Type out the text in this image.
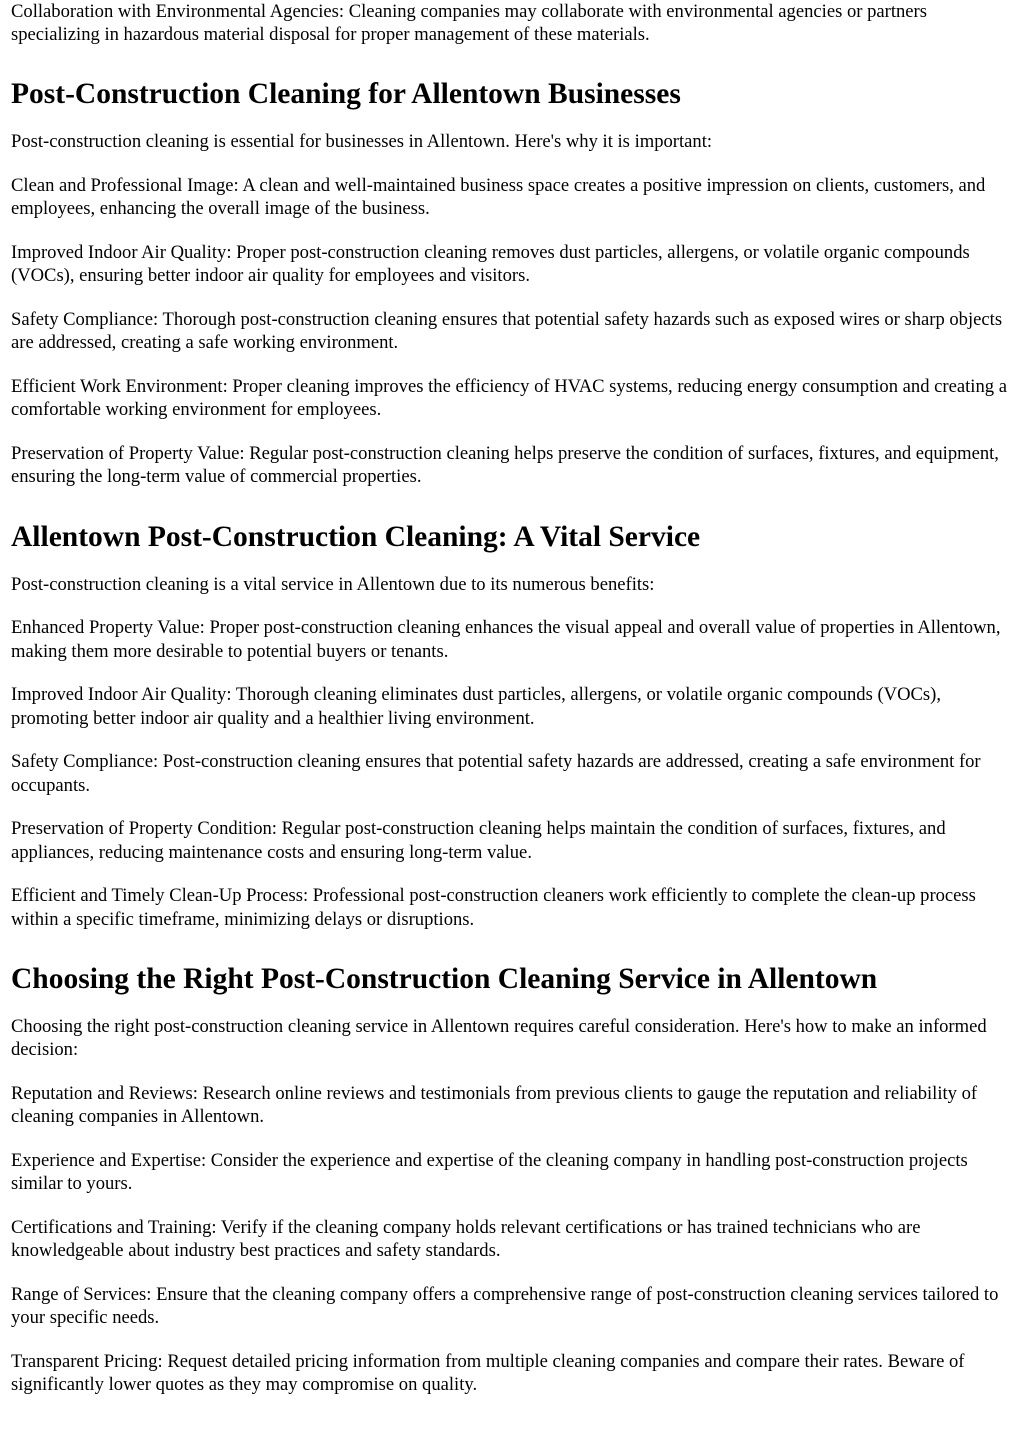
Collaboration with Environmental Agencies: Cleaning companies may collaborate with environmental agencies or partners specializing in hazardous material disposal for proper management of these materials.

Post-Construction Cleaning for Allentown Businesses

Post-construction cleaning is essential for businesses in Allentown. Here's why it is important:

Clean and Professional Image: A clean and well-maintained business space creates a positive impression on clients, customers, and employees, enhancing the overall image of the business.

Improved Indoor Air Quality: Proper post-construction cleaning removes dust particles, allergens, or volatile organic compounds (VOCs), ensuring better indoor air quality for employees and visitors.

Safety Compliance: Thorough post-construction cleaning ensures that potential safety hazards such as exposed wires or sharp objects are addressed, creating a safe working environment.

Efficient Work Environment: Proper cleaning improves the efficiency of HVAC systems, reducing energy consumption and creating a comfortable working environment for employees.

Preservation of Property Value: Regular post-construction cleaning helps preserve the condition of surfaces, fixtures, and equipment, ensuring the long-term value of commercial properties.

Allentown Post-Construction Cleaning: A Vital Service

Post-construction cleaning is a vital service in Allentown due to its numerous benefits:

Enhanced Property Value: Proper post-construction cleaning enhances the visual appeal and overall value of properties in Allentown, making them more desirable to potential buyers or tenants.

Improved Indoor Air Quality: Thorough cleaning eliminates dust particles, allergens, or volatile organic compounds (VOCs), promoting better indoor air quality and a healthier living environment.

Safety Compliance: Post-construction cleaning ensures that potential safety hazards are addressed, creating a safe environment for occupants.

Preservation of Property Condition: Regular post-construction cleaning helps maintain the condition of surfaces, fixtures, and appliances, reducing maintenance costs and ensuring long-term value.

Efficient and Timely Clean-Up Process: Professional post-construction cleaners work efficiently to complete the clean-up process within a specific timeframe, minimizing delays or disruptions.

Choosing the Right Post-Construction Cleaning Service in Allentown

Choosing the right post-construction cleaning service in Allentown requires careful consideration. Here's how to make an informed decision:

Reputation and Reviews: Research online reviews and testimonials from previous clients to gauge the reputation and reliability of cleaning companies in Allentown.

Experience and Expertise: Consider the experience and expertise of the cleaning company in handling post-construction projects similar to yours.

Certifications and Training: Verify if the cleaning company holds relevant certifications or has trained technicians who are knowledgeable about industry best practices and safety standards.

Range of Services: Ensure that the cleaning company offers a comprehensive range of post-construction cleaning services tailored to your specific needs.

Transparent Pricing: Request detailed pricing information from multiple cleaning companies and compare their rates. Beware of significantly lower quotes as they may compromise on quality.
